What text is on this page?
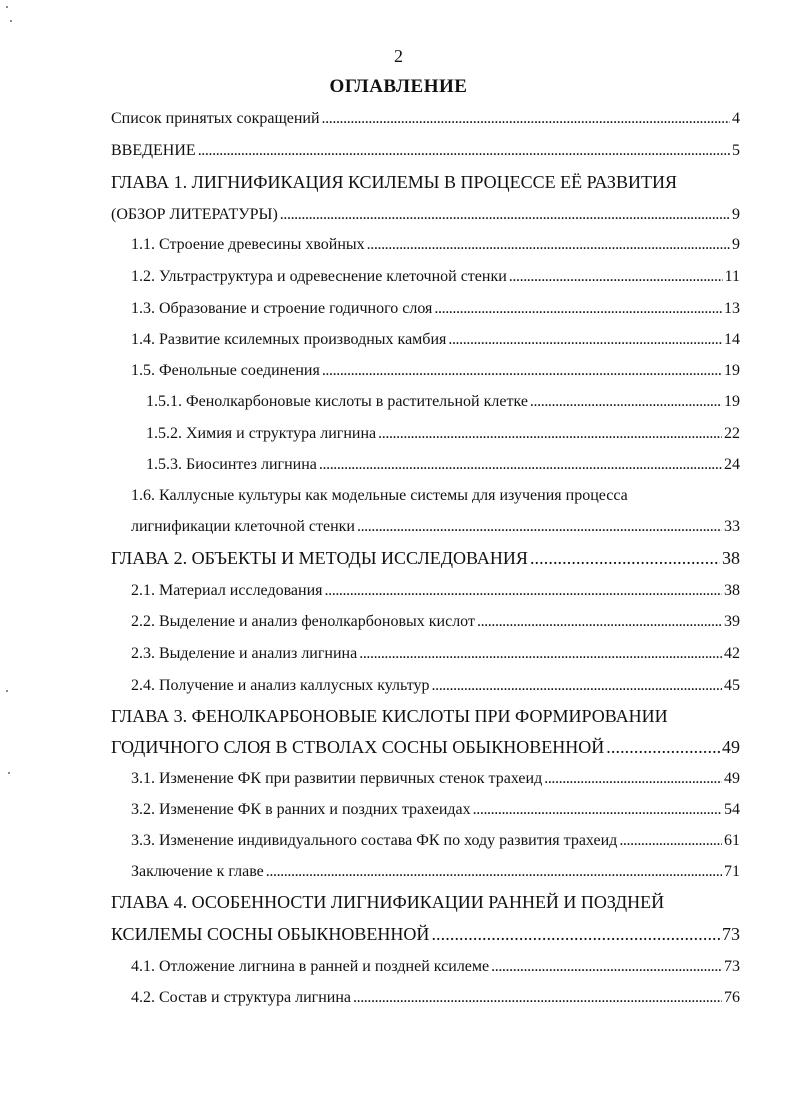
2
ОГЛАВЛЕНИЕ
Список принятых сокращений . . .	4
ВВЕДЕНИЕ . . .	5
ГЛАВА 1. ЛИГНИФИКАЦИЯ КСИЛЕМЫ В ПРОЦЕССЕ ЕЁ РАЗВИТИЯ
(ОБЗОР ЛИТЕРАТУРЫ) . . .	9
1.1. Строение древесины хвойных . . .	9
1.2. Ультраструктура и одревеснение клеточной стенки . . .	11
1.3. Образование и строение годичного слоя . . .	13
1.4. Развитие ксилемных производных камбия . . .	14
1.5. Фенольные соединения . . .	19
1.5.1. Фенолкарбоновые кислоты в растительной клетке . . .	19
1.5.2. Химия и структура лигнина . . .	22
1.5.3. Биосинтез лигнина . . .	24
1.6. Каллусные культуры как модельные системы для изучения процесса
лигнификации клеточной стенки . . .	33
ГЛАВА 2. ОБЪЕКТЫ И МЕТОДЫ ИССЛЕДОВАНИЯ . . .	38
2.1. Материал исследования . . .	38
2.2. Выделение и анализ фенолкарбоновых кислот . . .	39
2.3. Выделение и анализ лигнина . . .	42
2.4. Получение и анализ каллусных культур . . .	45
ГЛАВА 3. ФЕНОЛКАРБОНОВЫЕ КИСЛОТЫ ПРИ ФОРМИРОВАНИИ
ГОДИЧНОГО СЛОЯ В СТВОЛАХ СОСНЫ ОБЫКНОВЕННОЙ . . .	49
3.1. Изменение ФК при развитии первичных стенок трахеид . . .	49
3.2. Изменение ФК в ранних и поздних трахеидах . . .	54
3.3. Изменение индивидуального состава ФК по ходу развития трахеид . . .	61
Заключение к главе . . .	71
ГЛАВА 4. ОСОБЕННОСТИ ЛИГНИФИКАЦИИ РАННЕЙ И ПОЗДНЕЙ
КСИЛЕМЫ СОСНЫ ОБЫКНОВЕННОЙ . . .	73
4.1. Отложение лигнина в ранней и поздней ксилеме . . .	73
4.2. Состав и структура лигнина . . .	76
